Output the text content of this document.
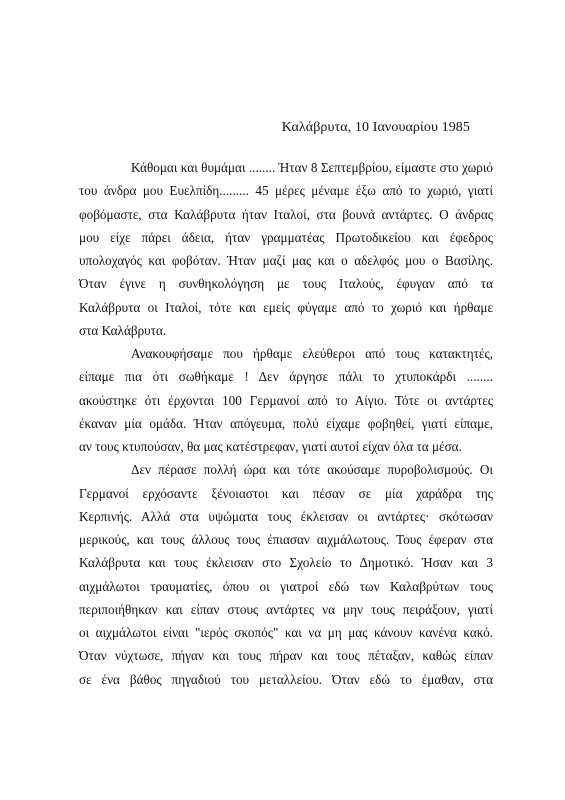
Καλάβρυτα, 10 Ιανουαρίου 1985

Κάθομαι και θυμάμαι ........ Ήταν 8 Σεπτεμβρίου, είμαστε στο χωριό
του άνδρα μου Ευελπίδη......... 45 μέρες μέναμε έξω από το χωριό, γιατί
φοβόμαστε, στα Καλάβρυτα ήταν Ιταλοί, στα βουνά αντάρτες. Ο άνδρας
μου είχε πάρει άδεια, ήταν γραμματέας Πρωτοδικείου και έφεδρος
υπολοχαγός και φοβόταν. Ήταν μαζί μας και ο αδελφός μου ο Βασίλης.
Όταν έγινε η συνθηκολόγηση με τους Ιταλούς, έφυγαν από τα
Καλάβρυτα οι Ιταλοί, τότε και εμείς φύγαμε από το χωριό και ήρθαμε
στα Καλάβρυτα.

Ανακουφήσαμε που ήρθαμε ελεύθεροι από τους κατακτητές,
είπαμε πια ότι σωθήκαμε ! Δεν άργησε πάλι το χτυποκάρδι ........
ακούστηκε ότι έρχονται 100 Γερμανοί από το Αίγιο. Τότε οι αντάρτες
έκαναν μία ομάδα. Ήταν απόγευμα, πολύ είχαμε φοβηθεί, γιατί είπαμε,
αν τους κτυπούσαν, θα μας κατέστρεφαν, γιατί αυτοί είχαν όλα τα μέσα.

Δεν πέρασε πολλή ώρα και τότε ακούσαμε πυροβολισμούς. Οι
Γερμανοί ερχόσαντε ξένοιαστοι και πέσαν σε μία χαράδρα της
Κερπινής. Αλλά στα υψώματα τους έκλεισαν οι αντάρτες· σκότωσαν
μερικούς, και τους άλλους τους έπιασαν αιχμάλωτους. Τους έφεραν στα
Καλάβρυτα και τους έκλεισαν στο Σχολείο το Δημοτικό. Ήσαν και 3
αιχμάλωτοι τραυματίες, όπου οι γιατροί εδώ των Καλαβρύτων τους
περιποιήθηκαν και είπαν στους αντάρτες να μην τους πειράξουν, γιατί
οι αιχμάλωτοι είναι "ιερός σκοπός" και να μη μας κάνουν κανένα κακό.
Όταν νύχτωσε, πήγαν και τους πήραν και τους πέταξαν, καθώς είπαν
σε ένα βάθος πηγαδιού του μεταλλείου. Όταν εδώ το έμαθαν, στα
